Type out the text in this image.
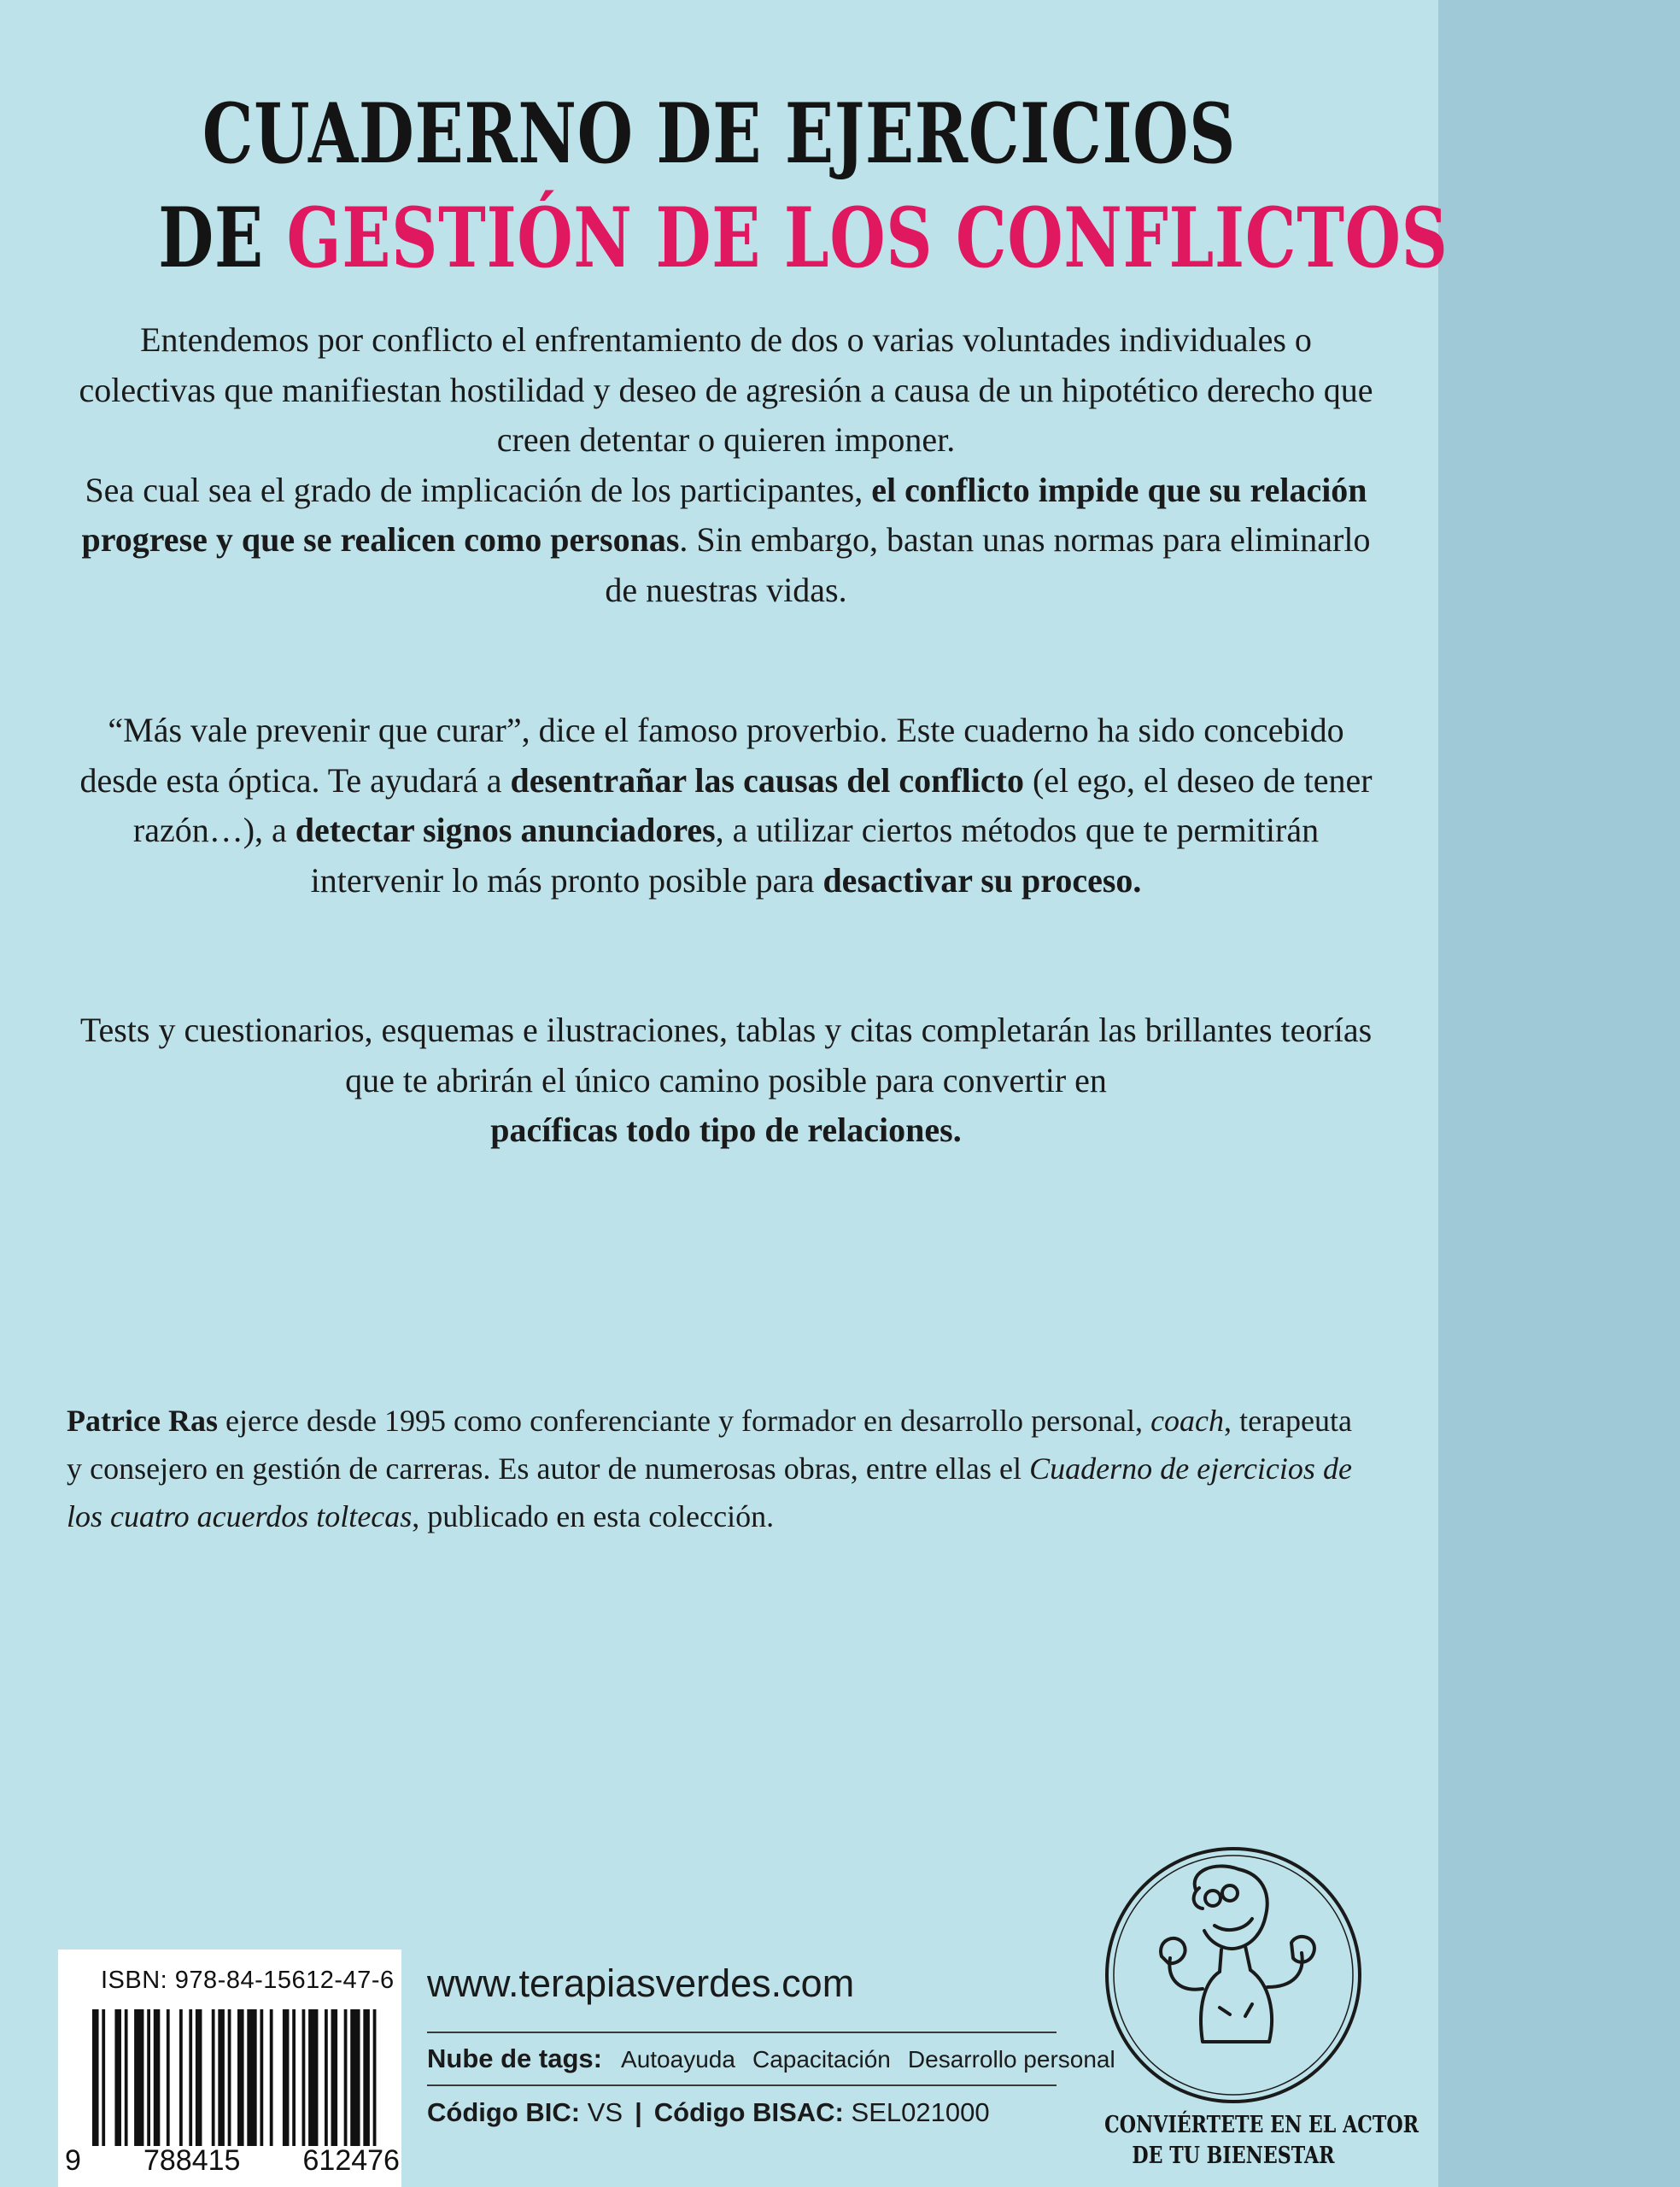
CUADERNO DE EJERCICIOS
DE GESTIÓN DE LOS CONFLICTOS
Entendemos por conflicto el enfrentamiento de dos o varias voluntades individuales o colectivas que manifiestan hostilidad y deseo de agresión a causa de un hipotético derecho que creen detentar o quieren imponer.
Sea cual sea el grado de implicación de los participantes, el conflicto impide que su relación progrese y que se realicen como personas. Sin embargo, bastan unas normas para eliminarlo de nuestras vidas.
“Más vale prevenir que curar”, dice el famoso proverbio. Este cuaderno ha sido concebido desde esta óptica. Te ayudará a desentrañar las causas del conflicto (el ego, el deseo de tener razón…), a detectar signos anunciadores, a utilizar ciertos métodos que te permitirán intervenir lo más pronto posible para desactivar su proceso.
Tests y cuestionarios, esquemas e ilustraciones, tablas y citas completarán las brillantes teorías que te abrirán el único camino posible para convertir en
pacíficas todo tipo de relaciones.
Patrice Ras ejerce desde 1995 como conferenciante y formador en desarrollo personal, coach, terapeuta y consejero en gestión de carreras. Es autor de numerosas obras, entre ellas el Cuaderno de ejercicios de los cuatro acuerdos toltecas, publicado en esta colección.
ISBN: 978-84-15612-47-6
9 788415 612476
www.terapiasverdes.com
Nube de tags: Autoayuda Capacitación Desarrollo personal
Código BIC: VS | Código BISAC: SEL021000	CONVIÉRTETE EN EL ACTOR
DE TU BIENESTAR
